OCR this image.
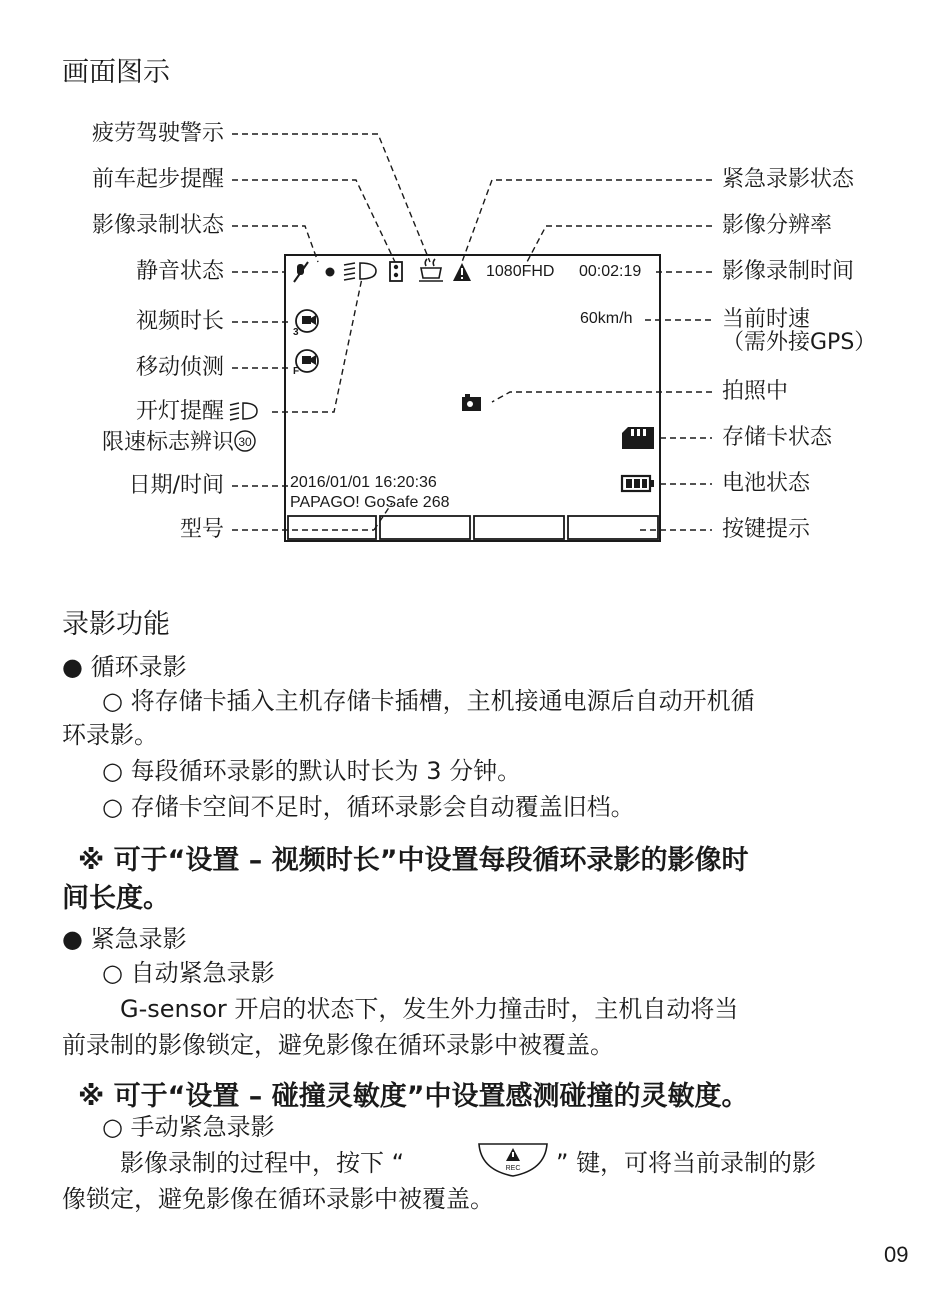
画面图示
3
F
30
1080FHD 00:02:19
60km/h
2016/01/01 16:20:36
PAPAGO! GoSafe 268
疲劳驾驶警示
前车起步提醒
影像录制状态
静音状态
视频时长
移动侦测
开灯提醒
限速标志辨识
日期/时间
型号
紧急录影状态
影像分辨率
影像录制时间
当前时速
（需外接GPS）
拍照中
存储卡状态
电池状态
按键提示
录影功能
● 循环录影
○ 将存储卡插入主机存储卡插槽，主机接通电源后自动开机循
环录影。
○ 每段循环录影的默认时长为 3 分钟。
○ 存储卡空间不足时，循环录影会自动覆盖旧档。
※ 可于“设置 – 视频时长”中设置每段循环录影的影像时
间长度。
● 紧急录影
○ 自动紧急录影
G-sensor 开启的状态下，发生外力撞击时，主机自动将当
前录制的影像锁定，避免影像在循环录影中被覆盖。
※ 可于“设置 – 碰撞灵敏度”中设置感测碰撞的灵敏度。
○ 手动紧急录影
影像录制的过程中，按下 “	REC ” 键，可将当前录制的影
像锁定，避免影像在循环录影中被覆盖。
09
